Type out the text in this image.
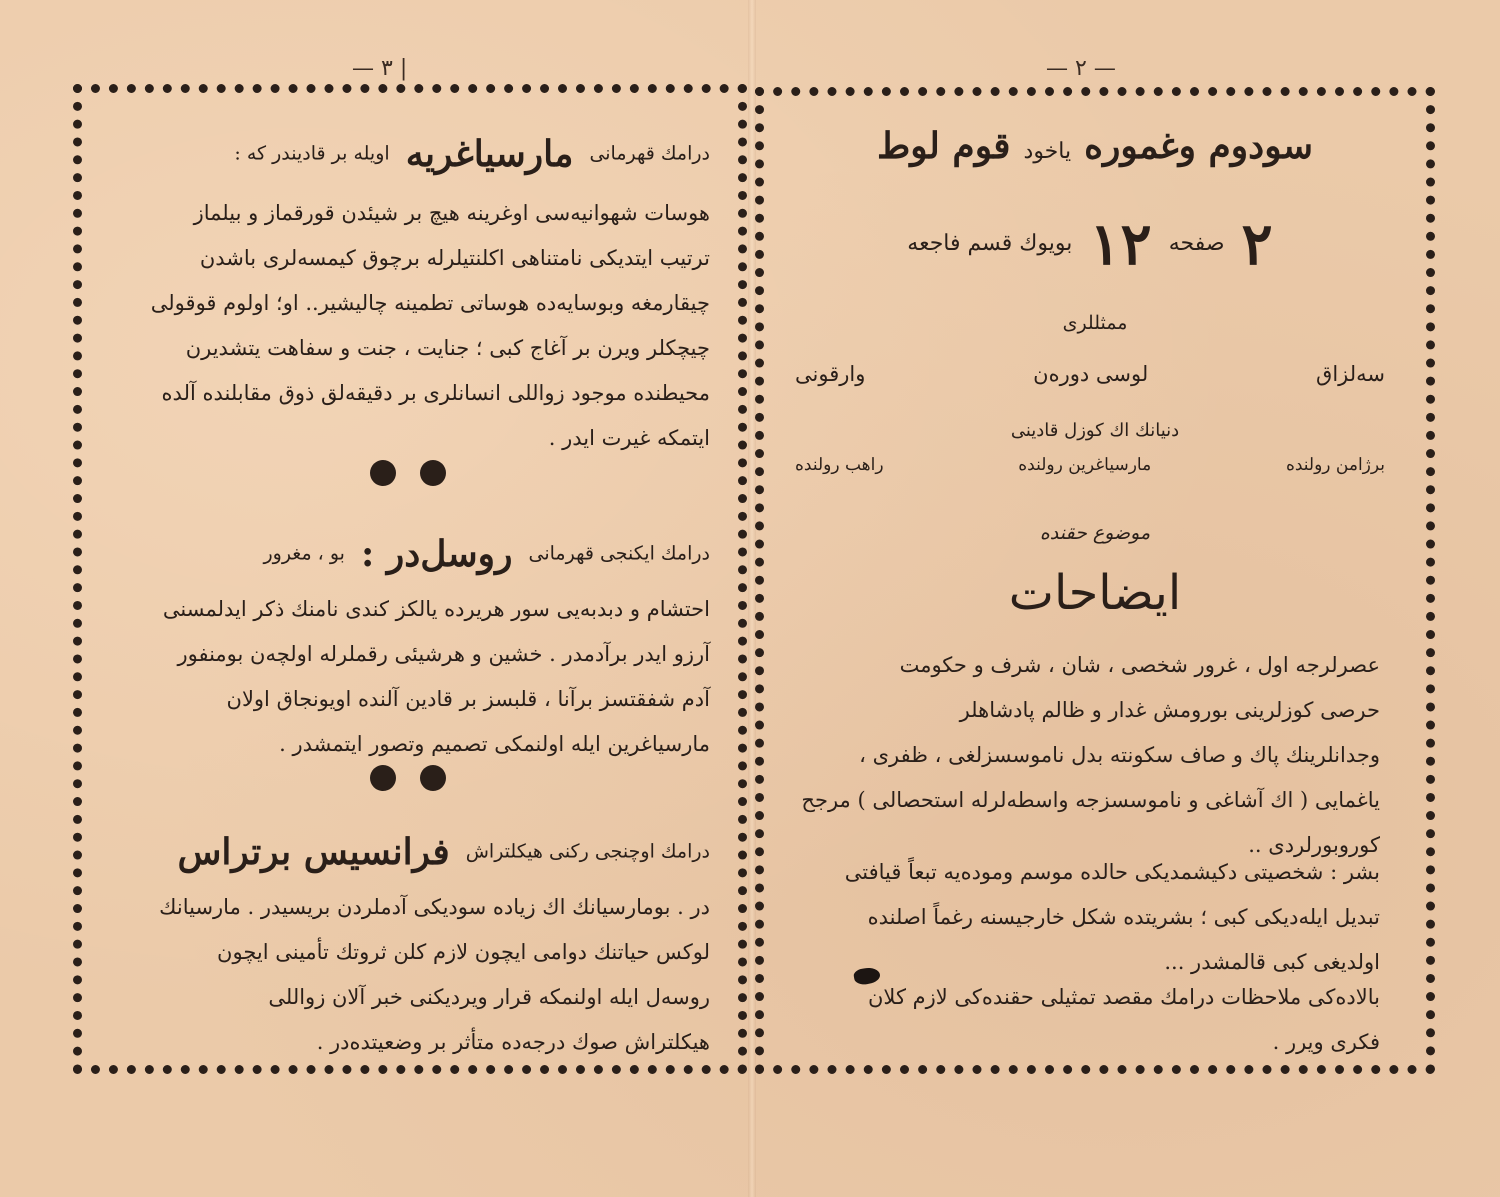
| ٣ —
درامك قهرمانی مارسیاغریه اویله بر قادیندر که :
هوسات شهوانیه‌سی اوغرینه هیچ بر شیئدن قورقماز و بیلماز
ترتیب ایتدیکی نامتناهی اکلنتیلرله برچوق کیمسه‌لری باشدن
چیقارمغه وبوسایه‌ده هوساتی تطمینه چالیشیر.. او؛ اولوم قوقولی
چیچکلر ویرن بر آغاج کبی ؛ جنایت ، جنت و سفاهت یتشدیرن
محیطنده موجود زواللی انسانلری بر دقیقه‌لق ذوق مقابلنده آلده
ایتمکه غیرت ایدر .
درامك ایکنجی قهرمانی روسل‌در : بو ، مغرور
احتشام و دبدبه‌یی سور هریرده یالکز کندی نامنك ذکر ایدلمسنی
آرزو ایدر برآدمدر . خشین و هرشیئی رقملرله اولچه‌ن بومنفور
آدم شفقتسز برآنا ، قلبسز بر قادین آلنده اویونجاق اولان
مارسیاغرین ایله اولنمکی تصمیم وتصور ایتمشدر .
درامك اوچنجی رکنی هیکلتراش فرانسیس برتراس
در . بومارسیانك اك زیاده سودیکی آدملردن بریسیدر . مارسیانك
لوکس حیاتنك دوامی ایچون لازم کلن ثروتك تأمینی ایچون
روسه‌ل ایله اولنمکه قرار ویردیکنی خبر آلان زواللی
هیکلتراش صوك درجه‌ده متأثر بر وضعیتده‌در .
— ٢ —
سودوم وغموره یاخود قوم لوط
٢ صفحه ١٢ بویوك قسم فاجعه
ممثللری
سه‌لزاق
لوسی دوره‌ن
وارقونی
دنیانك اك کوزل قادینی
برژامن رولنده
مارسیاغرین رولنده
راهب رولنده
موضوع حقنده
ایضاحات
عصرلرجه اول ، غرور شخصی ، شان ، شرف و حکومت
حرصی کوزلرینی بورومش غدار و ظالم پادشاهلر
وجدانلرینك پاك و صاف سکونته بدل ناموسسزلغی ، ظفری ،
یاغمایی ( اك آشاغی و ناموسسزجه واسطه‌لرله استحصالی ) مرجح
کوروبورلردی ..
بشر : شخصیتی دکیشمدیکی حالده موسم وموده‌یه تبعاً قیافتی
تبدیل ایله‌دیکی کبی ؛ بشریتده شکل خارجیسنه رغماً اصلنده
اولدیغی کبی قالمشدر ...
بالاده‌کی ملاحظات درامك مقصد تمثیلی حقنده‌کی لازم کلان
فکری ویرر .
